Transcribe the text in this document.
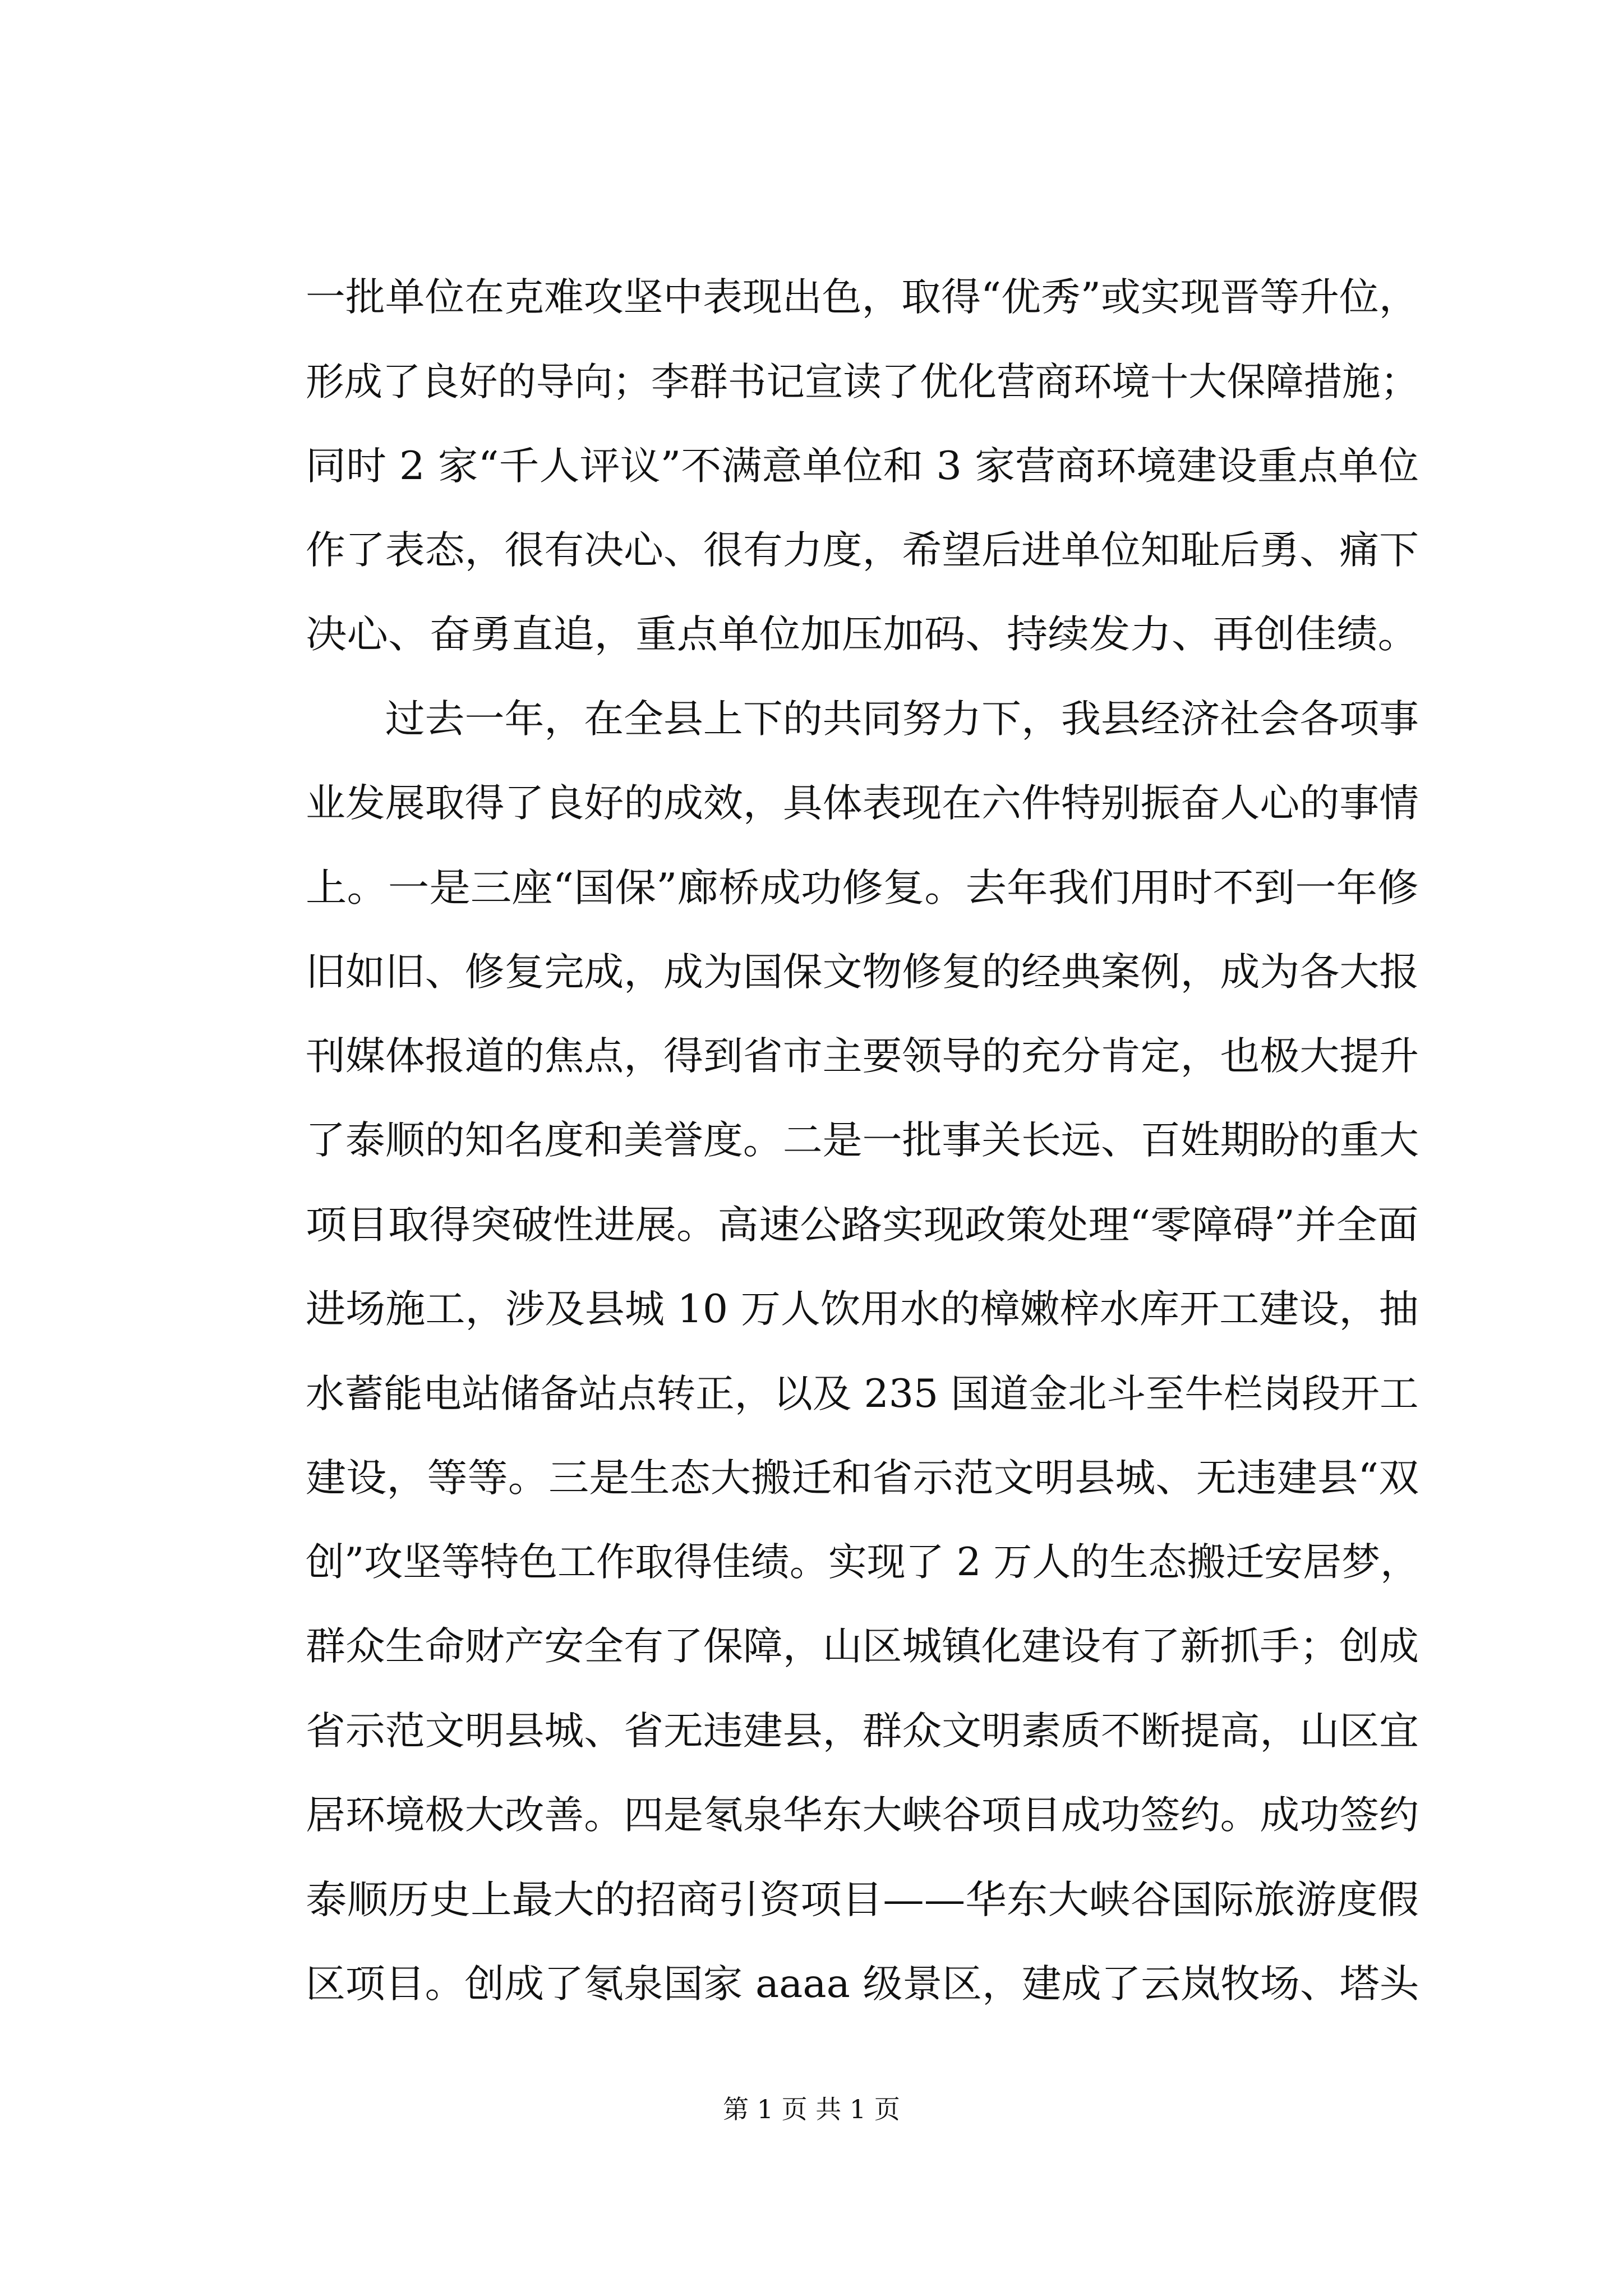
一批单位在克难攻坚中表现出色，取得“优秀”或实现晋等升位，
形成了良好的导向；李群书记宣读了优化营商环境十大保障措施；
同时 2 家“千人评议”不满意单位和 3 家营商环境建设重点单位
作了表态，很有决心、很有力度，希望后进单位知耻后勇、痛下
决心、奋勇直追，重点单位加压加码、持续发力、再创佳绩。
　　过去一年，在全县上下的共同努力下，我县经济社会各项事
业发展取得了良好的成效，具体表现在六件特别振奋人心的事情
上。一是三座“国保”廊桥成功修复。去年我们用时不到一年修
旧如旧、修复完成，成为国保文物修复的经典案例，成为各大报
刊媒体报道的焦点，得到省市主要领导的充分肯定，也极大提升
了泰顺的知名度和美誉度。二是一批事关长远、百姓期盼的重大
项目取得突破性进展。高速公路实现政策处理“零障碍”并全面
进场施工，涉及县城 10 万人饮用水的樟嫩梓水库开工建设，抽
水蓄能电站储备站点转正，以及 235 国道金北斗至牛栏岗段开工
建设，等等。三是生态大搬迁和省示范文明县城、无违建县“双
创”攻坚等特色工作取得佳绩。实现了 2 万人的生态搬迁安居梦，
群众生命财产安全有了保障，山区城镇化建设有了新抓手；创成
省示范文明县城、省无违建县，群众文明素质不断提高，山区宜
居环境极大改善。四是氡泉华东大峡谷项目成功签约。成功签约
泰顺历史上最大的招商引资项目——华东大峡谷国际旅游度假
区项目。创成了氡泉国家 aaaa 级景区，建成了云岚牧场、塔头
第 1 页 共 1 页
